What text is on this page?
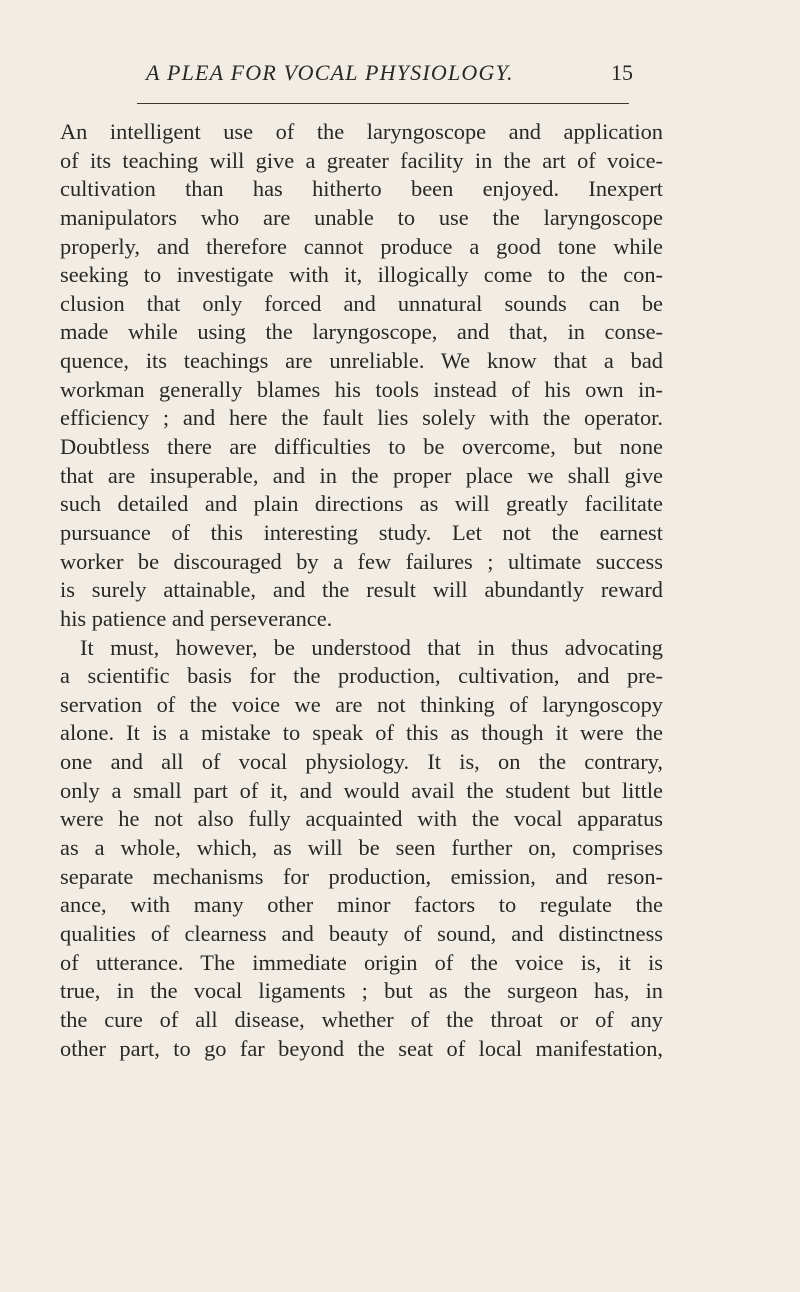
A PLEA FOR VOCAL PHYSIOLOGY.	15
An intelligent use of the laryngoscope and application
of its teaching will give a greater facility in the art of voice-
cultivation than has hitherto been enjoyed. Inexpert
manipulators who are unable to use the laryngoscope
properly, and therefore cannot produce a good tone while
seeking to investigate with it, illogically come to the con-
clusion that only forced and unnatural sounds can be
made while using the laryngoscope, and that, in conse-
quence, its teachings are unreliable. We know that a bad
workman generally blames his tools instead of his own in-
efficiency ; and here the fault lies solely with the operator.
Doubtless there are difficulties to be overcome, but none
that are insuperable, and in the proper place we shall give
such detailed and plain directions as will greatly facilitate
pursuance of this interesting study. Let not the earnest
worker be discouraged by a few failures ; ultimate success
is surely attainable, and the result will abundantly reward
his patience and perseverance.
It must, however, be understood that in thus advocating
a scientific basis for the production, cultivation, and pre-
servation of the voice we are not thinking of laryngoscopy
alone. It is a mistake to speak of this as though it were the
one and all of vocal physiology. It is, on the contrary,
only a small part of it, and would avail the student but little
were he not also fully acquainted with the vocal apparatus
as a whole, which, as will be seen further on, comprises
separate mechanisms for production, emission, and reson-
ance, with many other minor factors to regulate the
qualities of clearness and beauty of sound, and distinctness
of utterance. The immediate origin of the voice is, it is
true, in the vocal ligaments ; but as the surgeon has, in
the cure of all disease, whether of the throat or of any
other part, to go far beyond the seat of local manifestation,
